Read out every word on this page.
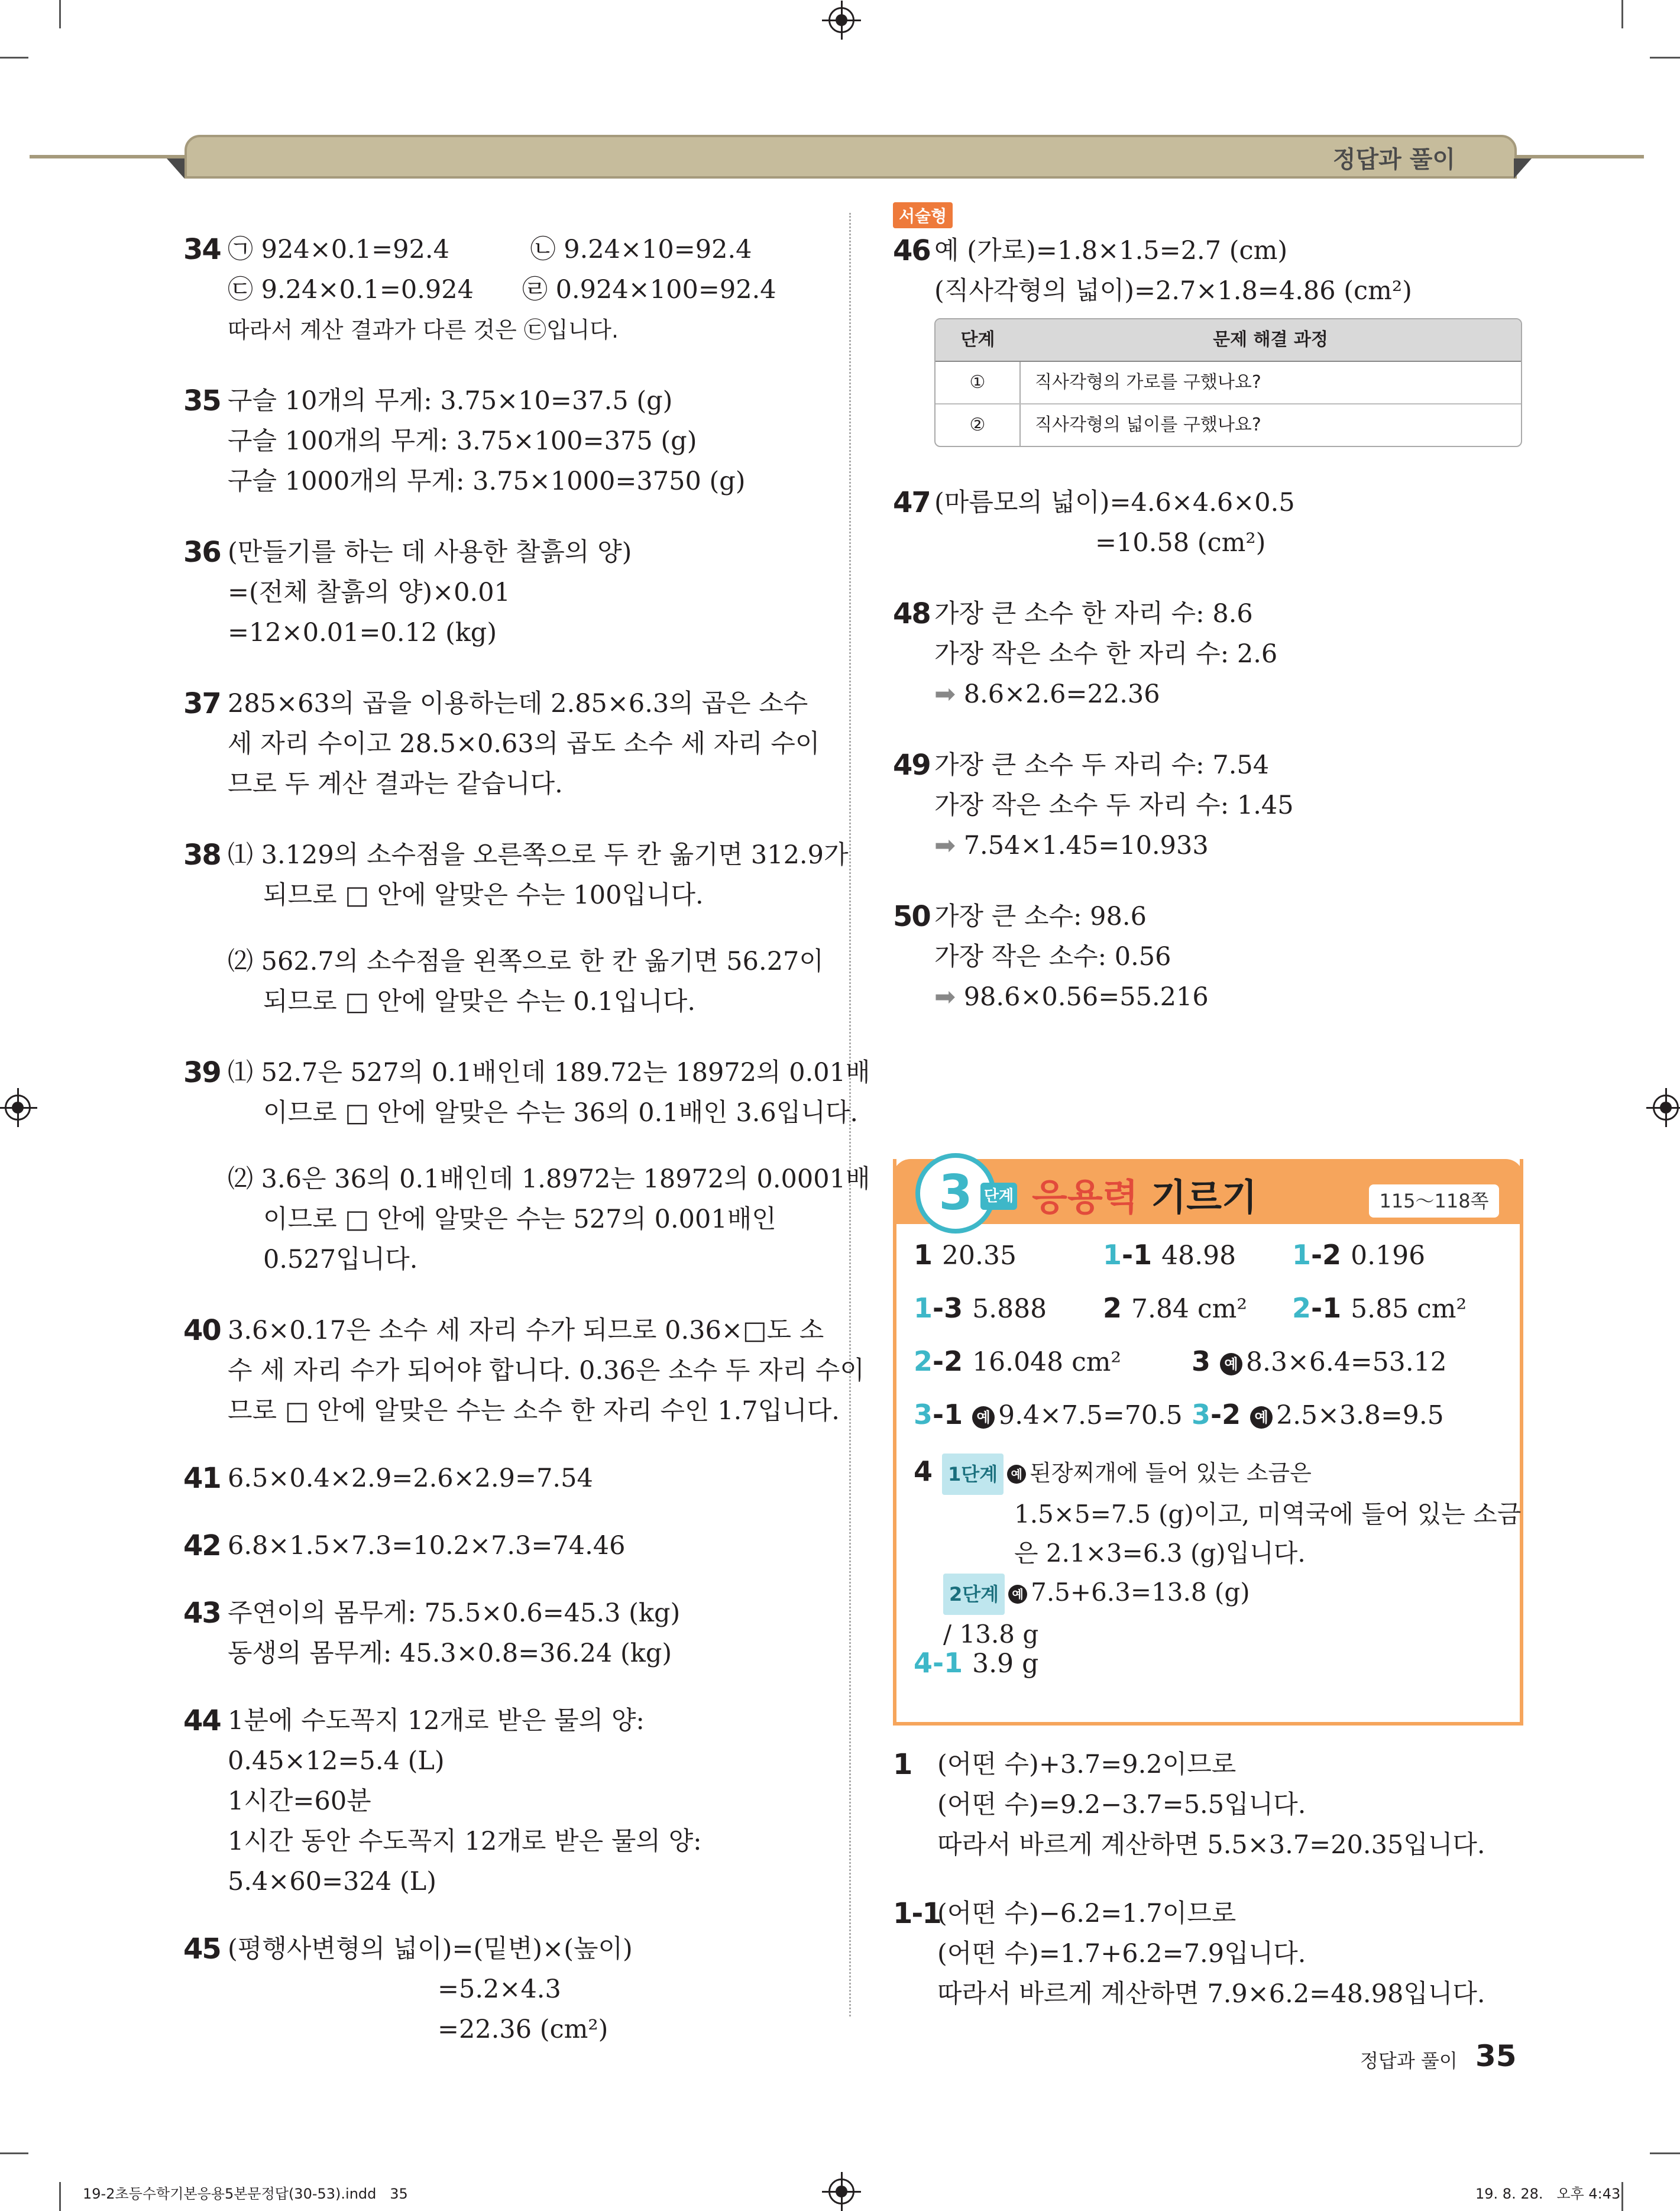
정답과 풀이
34 ㉠ 924×0.1=92.4          ㉡ 9.24×10=92.4
㉢ 9.24×0.1=0.924      ㉣ 0.924×100=92.4
따라서 계산 결과가 다른 것은 ㉢입니다.
35 구슬 10개의 무게: 3.75×10=37.5 (g)
구슬 100개의 무게: 3.75×100=375 (g)
구슬 1000개의 무게: 3.75×1000=3750 (g)
36 (만들기를 하는 데 사용한 찰흙의 양)
=(전체 찰흙의 양)×0.01
=12×0.01=0.12 (kg)
37 285×63의 곱을 이용하는데 2.85×6.3의 곱은 소수
세 자리 수이고 28.5×0.63의 곱도 소수 세 자리 수이
므로 두 계산 결과는 같습니다.
38 ⑴ 3.129의 소수점을 오른쪽으로 두 칸 옮기면 312.9가
되므로 □ 안에 알맞은 수는 100입니다.
⑵ 562.7의 소수점을 왼쪽으로 한 칸 옮기면 56.27이
되므로 □ 안에 알맞은 수는 0.1입니다.
39 ⑴ 52.7은 527의 0.1배인데 189.72는 18972의 0.01배
이므로 □ 안에 알맞은 수는 36의 0.1배인 3.6입니다.
⑵ 3.6은 36의 0.1배인데 1.8972는 18972의 0.0001배
이므로 □ 안에 알맞은 수는 527의 0.001배인
0.527입니다.
40 3.6×0.17은 소수 세 자리 수가 되므로 0.36×□도 소
수 세 자리 수가 되어야 합니다. 0.36은 소수 두 자리 수이
므로 □ 안에 알맞은 수는 소수 한 자리 수인 1.7입니다.
41 6.5×0.4×2.9=2.6×2.9=7.54
42 6.8×1.5×7.3=10.2×7.3=74.46
43 주연이의 몸무게: 75.5×0.6=45.3 (kg)
동생의 몸무게: 45.3×0.8=36.24 (kg)
44 1분에 수도꼭지 12개로 받은 물의 양:
0.45×12=5.4 (L)
1시간=60분
1시간 동안 수도꼭지 12개로 받은 물의 양:
5.4×60=324 (L)
45 (평행사변형의 넓이)=(밑변)×(높이)
=5.2×4.3
=22.36 (cm²)
서술형
46 예 (가로)=1.8×1.5=2.7 (cm)
(직사각형의 넓이)=2.7×1.8=4.86 (cm²)
단계	문제 해결 과정
①	직사각형의 가로를 구했나요?
②	직사각형의 넓이를 구했나요?
47 (마름모의 넓이)=4.6×4.6×0.5
=10.58 (cm²)
48 가장 큰 소수 한 자리 수: 8.6
가장 작은 소수 한 자리 수: 2.6
➡ 8.6×2.6=22.36
49 가장 큰 소수 두 자리 수: 7.54
가장 작은 소수 두 자리 수: 1.45
➡ 7.54×1.45=10.933
50 가장 큰 소수: 98.6
가장 작은 소수: 0.56
➡ 98.6×0.56=55.216
3 단계 응용력 기르기	115～118쪽
1 20.35	1-1 48.98 1-2 0.196
1-3 5.888 2 7.84 cm² 2-1 5.85 cm²
2-2 16.048 cm²	3 예 8.3×6.4=53.12
3-1 예 9.4×7.5=70.5 3-2 예 2.5×3.8=9.5
4 1단계 예 된장찌개에 들어 있는 소금은
1.5×5=7.5 (g)이고, 미역국에 들어 있는 소금
은 2.1×3=6.3 (g)입니다.
2단계 예 7.5+6.3=13.8 (g)
/ 13.8 g
4-1 3.9 g
1 (어떤 수)+3.7=9.2이므로
(어떤 수)=9.2−3.7=5.5입니다.
따라서 바르게 계산하면 5.5×3.7=20.35입니다.
1-1
(어떤 수)−6.2=1.7이므로
(어떤 수)=1.7+6.2=7.9입니다.
따라서 바르게 계산하면 7.9×6.2=48.98입니다.
정답과 풀이 35
19-2초등수학기본응용5본문정답(30-53).indd   35	19. 8. 28.   오후 4:43
